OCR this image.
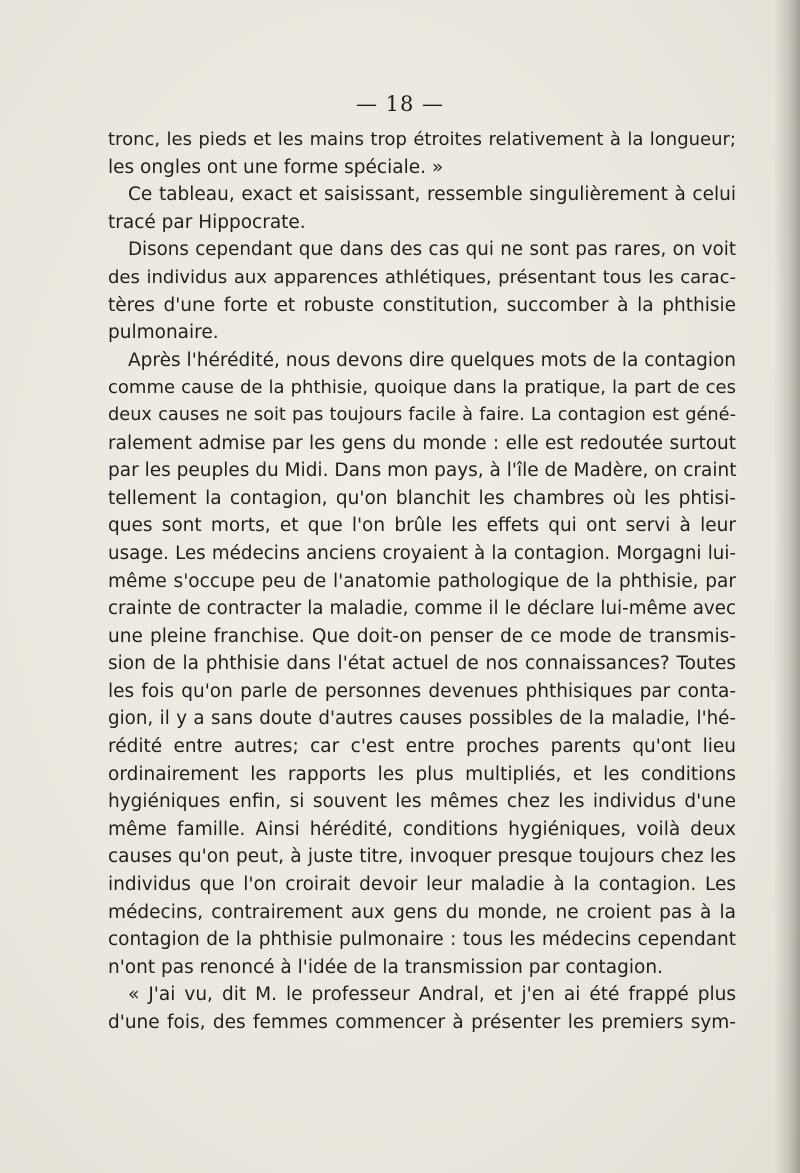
— 18 —
tronc, les pieds et les mains trop étroites relativement à la longueur;
les ongles ont une forme spéciale. »
Ce tableau, exact et saisissant, ressemble singulièrement à celui
tracé par Hippocrate.
Disons cependant que dans des cas qui ne sont pas rares, on voit
des individus aux apparences athlétiques, présentant tous les carac-
tères d'une forte et robuste constitution, succomber à la phthisie
pulmonaire.
Après l'hérédité, nous devons dire quelques mots de la contagion
comme cause de la phthisie, quoique dans la pratique, la part de ces
deux causes ne soit pas toujours facile à faire. La contagion est géné-
ralement admise par les gens du monde : elle est redoutée surtout
par les peuples du Midi. Dans mon pays, à l'île de Madère, on craint
tellement la contagion, qu'on blanchit les chambres où les phtisi-
ques sont morts, et que l'on brûle les effets qui ont servi à leur
usage. Les médecins anciens croyaient à la contagion. Morgagni lui-
même s'occupe peu de l'anatomie pathologique de la phthisie, par
crainte de contracter la maladie, comme il le déclare lui-même avec
une pleine franchise. Que doit-on penser de ce mode de transmis-
sion de la phthisie dans l'état actuel de nos connaissances? Toutes
les fois qu'on parle de personnes devenues phthisiques par conta-
gion, il y a sans doute d'autres causes possibles de la maladie, l'hé-
rédité entre autres; car c'est entre proches parents qu'ont lieu
ordinairement les rapports les plus multipliés, et les conditions
hygiéniques enfin, si souvent les mêmes chez les individus d'une
même famille. Ainsi hérédité, conditions hygiéniques, voilà deux
causes qu'on peut, à juste titre, invoquer presque toujours chez les
individus que l'on croirait devoir leur maladie à la contagion. Les
médecins, contrairement aux gens du monde, ne croient pas à la
contagion de la phthisie pulmonaire : tous les médecins cependant
n'ont pas renoncé à l'idée de la transmission par contagion.
« J'ai vu, dit M. le professeur Andral, et j'en ai été frappé plus
d'une fois, des femmes commencer à présenter les premiers sym-
